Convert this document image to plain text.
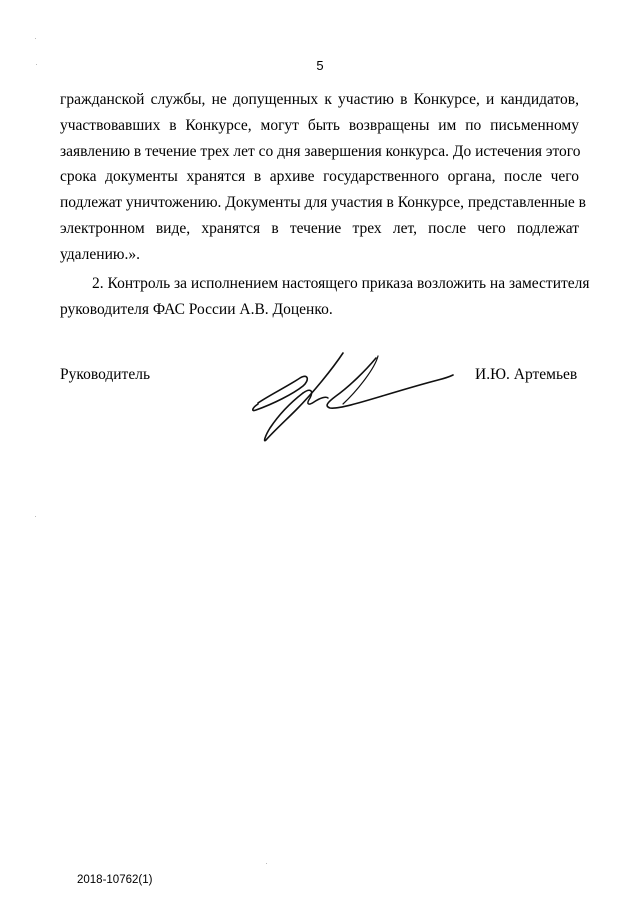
5
гражданской службы, не допущенных к участию в Конкурсе, и кандидатов,
участвовавших в Конкурсе, могут быть возвращены им по письменному
заявлению в течение трех лет со дня завершения конкурса. До истечения этого
срока документы хранятся в архиве государственного органа, после чего
подлежат уничтожению. Документы для участия в Конкурсе, представленные в
электронном виде, хранятся в течение трех лет, после чего подлежат
удалению.».
2. Контроль за исполнением настоящего приказа возложить на заместителя
руководителя ФАС России А.В. Доценко.
Руководитель	И.Ю. Артемьев
2018-10762(1)
